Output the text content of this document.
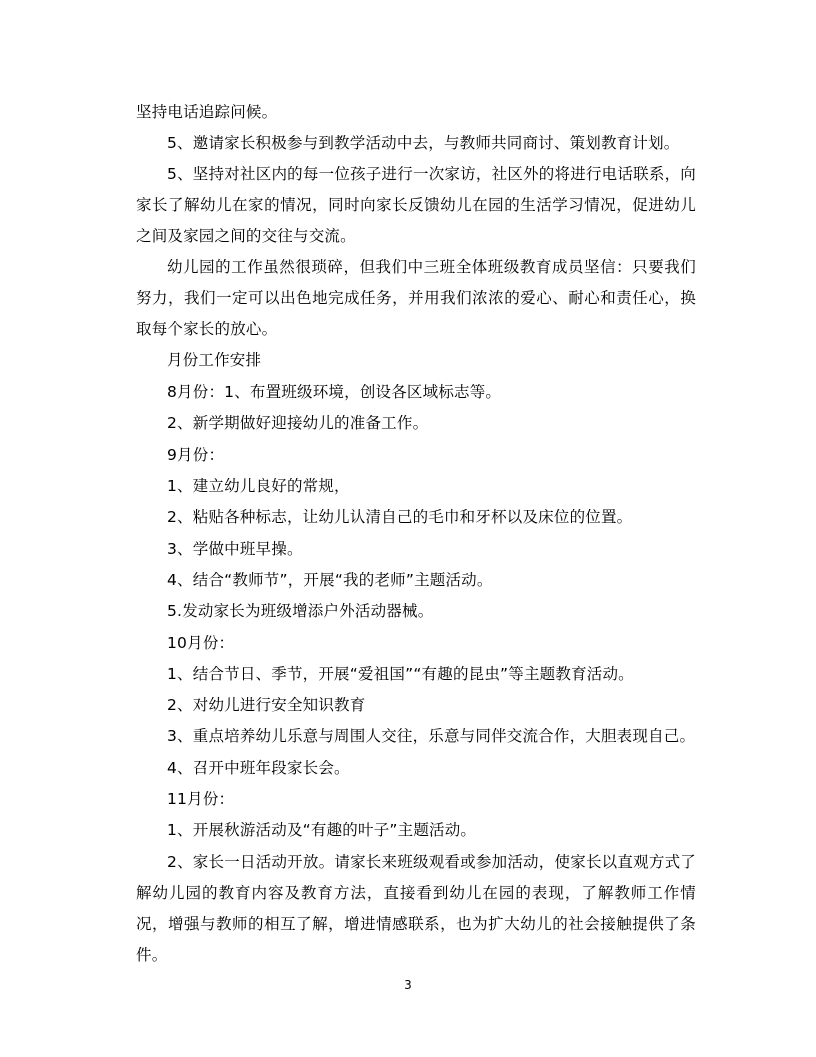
坚持电话追踪问候。
5、邀请家长积极参与到教学活动中去，与教师共同商讨、策划教育计划。
5、坚持对社区内的每一位孩子进行一次家访，社区外的将进行电话联系，向家长了解幼儿在家的情况，同时向家长反馈幼儿在园的生活学习情况，促进幼儿之间及家园之间的交往与交流。
幼儿园的工作虽然很琐碎，但我们中三班全体班级教育成员坚信：只要我们努力，我们一定可以出色地完成任务，并用我们浓浓的爱心、耐心和责任心，换取每个家长的放心。
月份工作安排
8月份：1、布置班级环境，创设各区域标志等。
2、新学期做好迎接幼儿的准备工作。
9月份：
1、建立幼儿良好的常规，
2、粘贴各种标志，让幼儿认清自己的毛巾和牙杯以及床位的位置。
3、学做中班早操。
4、结合“教师节”，开展“我的老师”主题活动。
5.发动家长为班级增添户外活动器械。
10月份：
1、结合节日、季节，开展“爱祖国”“有趣的昆虫”等主题教育活动。
2、对幼儿进行安全知识教育
3、重点培养幼儿乐意与周围人交往，乐意与同伴交流合作，大胆表现自己。
4、召开中班年段家长会。
11月份：
1、开展秋游活动及“有趣的叶子”主题活动。
2、家长一日活动开放。请家长来班级观看或参加活动，使家长以直观方式了解幼儿园的教育内容及教育方法，直接看到幼儿在园的表现，了解教师工作情况，增强与教师的相互了解，增进情感联系，也为扩大幼儿的社会接触提供了条件。
3
